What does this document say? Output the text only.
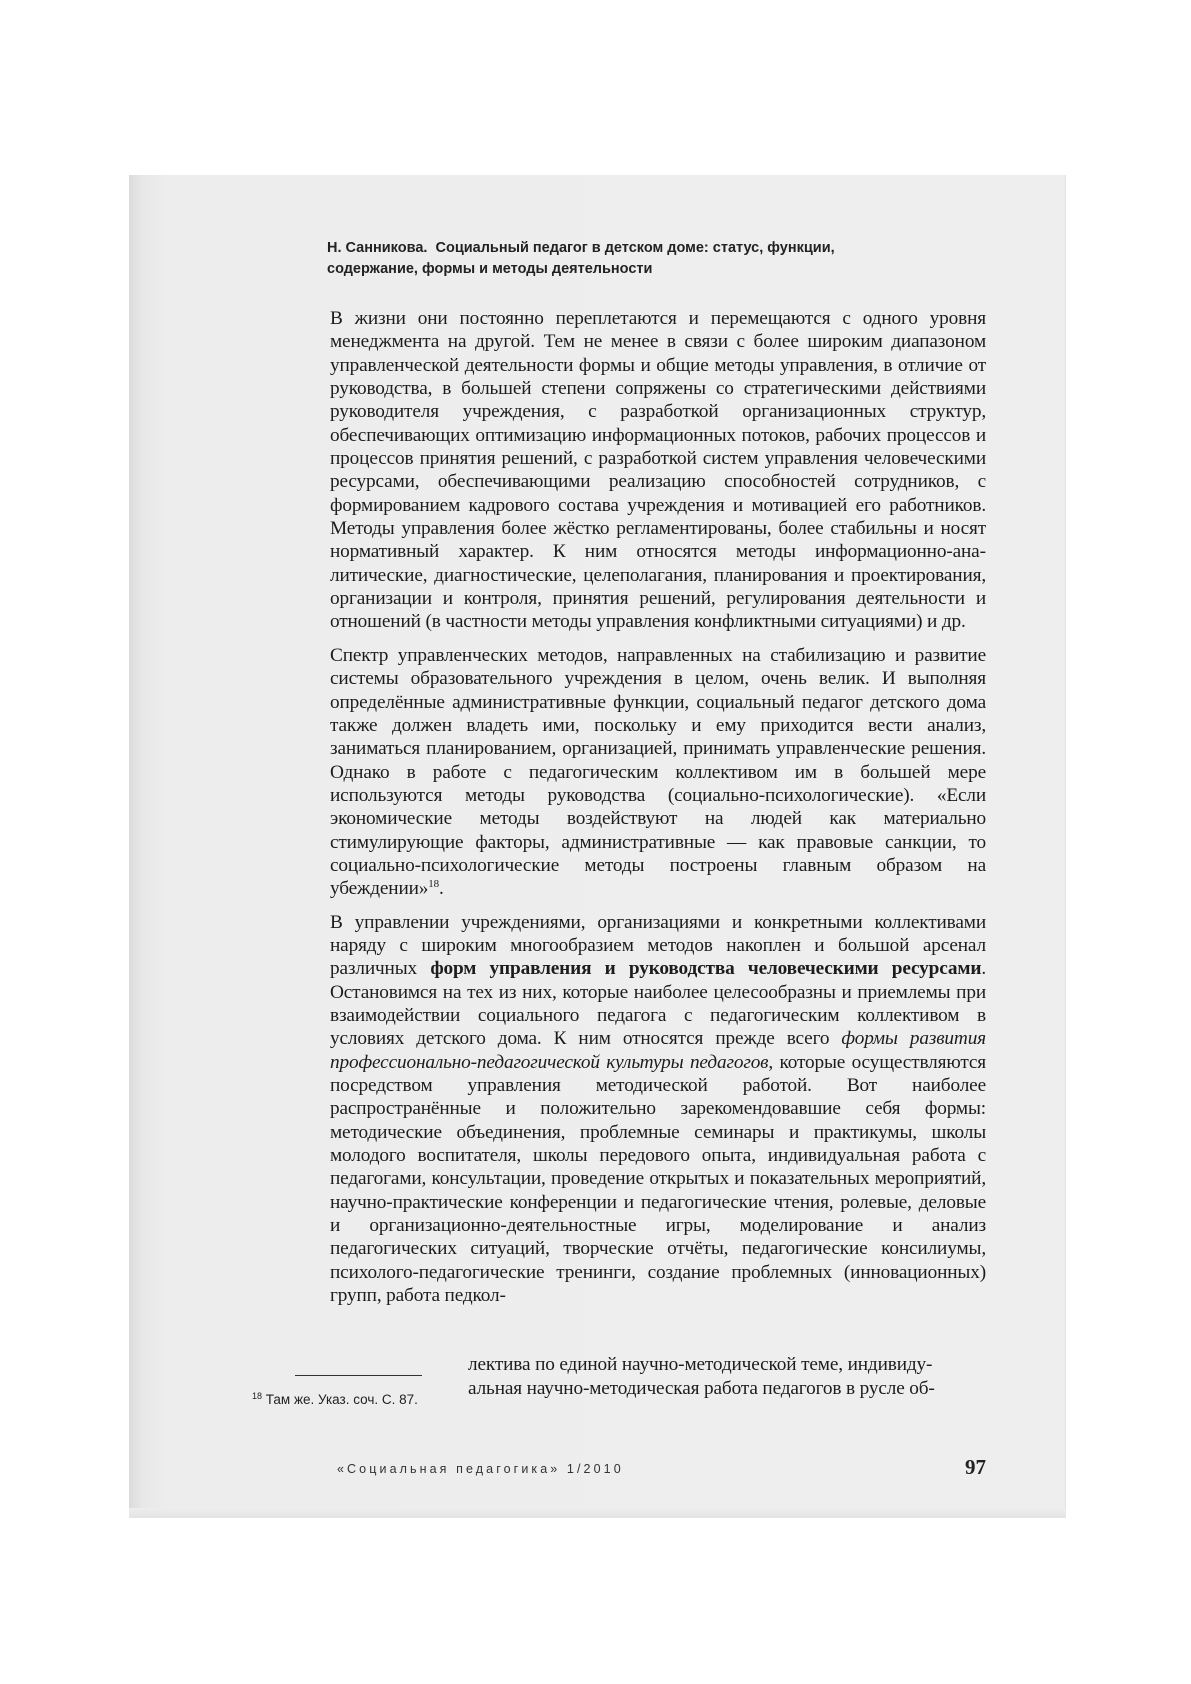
Н. Санникова. Социальный педагог в детском доме: статус, функции,
содержание, формы и методы деятельности

В жизни они постоянно переплетаются и перемещаются с одного уровня менеджмента на другой. Тем не менее в связи с более широким диапазоном управленческой деятельности формы и общие методы управления, в отличие от руководства, в большей степени сопряжены со стратегическими действиями руководителя учреждения, с разработкой организационных структур, обеспечивающих оптимизацию информационных потоков, рабочих процессов и процессов принятия решений, с разработкой систем управления человеческими ресурсами, обеспечивающими реализацию способностей сотрудников, с формированием кадрового состава учреждения и мотивацией его работников. Методы управления более жёстко регламентированы, более стабильны и носят нормативный характер. К ним относятся методы информационно-аналитические, диагностические, целеполагания, планирования и проектирования, организации и контроля, принятия решений, регулирования деятельности и отношений (в частности методы управления конфликтными ситуациями) и др.

Спектр управленческих методов, направленных на стабилизацию и развитие системы образовательного учреждения в целом, очень велик. И выполняя определённые административные функции, социальный педагог детского дома также должен владеть ими, поскольку и ему приходится вести анализ, заниматься планированием, организацией, принимать управленческие решения. Однако в работе с педагогическим коллективом им в большей мере используются методы руководства (социально-психологические). «Если экономические методы воздействуют на людей как материально стимулирующие факторы, административные — как правовые санкции, то социально-психологические методы построены главным образом на убеждении»$^{18}$.

В управлении учреждениями, организациями и конкретными коллективами наряду с широким многообразием методов накоплен и большой арсенал различных форм управления и руководства человеческими ресурсами. Остановимся на тех из них, которые наиболее целесообразны и приемлемы при взаимодействии социального педагога с педагогическим коллективом в условиях детского дома. К ним относятся прежде всего формы развития профессионально-педагогической культуры педагогов, которые осуществляются посредством управления методической работой. Вот наиболее распространённые и положительно зарекомендовавшие себя формы: методические объединения, проблемные семинары и практикумы, школы молодого воспитателя, школы передового опыта, индивидуальная работа с педагогами, консультации, проведение открытых и показательных мероприятий, научно-практические конференции и педагогические чтения, ролевые, деловые и организационно-деятельностные игры, моделирование и анализ педагогических ситуаций, творческие отчёты, педагогические консилиумы, психолого-педагогические тренинги, создание проблемных (инновационных) групп, работа педкол-

лектива по единой научно-методической теме, индивиду-
альная научно-методическая работа педагогов в русле об-
$^{18}$ Там же. Указ. соч. С. 87.
«Социальная педагогика» 1/2010	97
